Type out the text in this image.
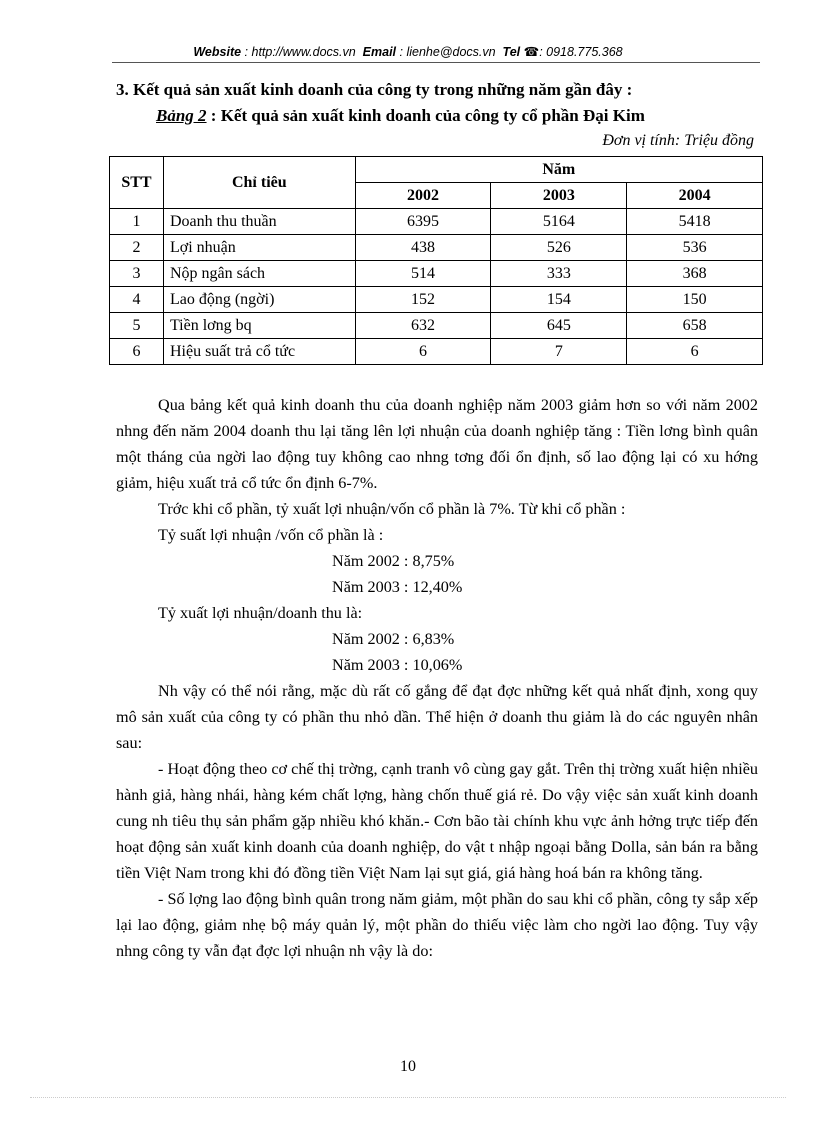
Website : http://www.docs.vn Email : lienhe@docs.vn Tel ☎: 0918.775.368
3. Kết quả sản xuất kinh doanh của công ty trong những năm gần đây :
Bảng 2 : Kết quả sản xuất kinh doanh của công ty cổ phần Đại Kim
Đơn vị tính: Triệu đồng
STT	Chỉ tiêu	Năm		
		2002	2003	2004
1	Doanh thu thuần	6395	5164	5418
2	Lợi nhuận	438	526	536
3	Nộp ngân sách	514	333	368
4	Lao động (ngời)	152	154	150
5	Tiền lơng bq	632	645	658
6	Hiệu suất trả cổ tức	6	7	6

Qua bảng kết quả kinh doanh thu của doanh nghiệp năm 2003 giảm hơn so với năm 2002 nhng đến năm 2004 doanh thu lại tăng lên lợi nhuận của doanh nghiệp tăng : Tiền lơng bình quân một tháng của ngời lao động tuy không cao nhng tơng đối ổn định, số lao động lại có xu hớng giảm, hiệu xuất trả cổ tức ổn định 6-7%.

Trớc khi cổ phần, tỷ xuất lợi nhuận/vốn cổ phần là 7%. Từ khi cổ phần :

Tỷ suất lợi nhuận /vốn cổ phần là :

Năm 2002 : 8,75%

Năm 2003 : 12,40%

Tỷ xuất lợi nhuận/doanh thu là:

Năm 2002 : 6,83%

Năm 2003 : 10,06%

Nh vậy có thể nói rằng, mặc dù rất cố gắng để đạt đợc những kết quả nhất định, xong quy mô sản xuất của công ty có phần thu nhỏ dần. Thể hiện ở doanh thu giảm là do các nguyên nhân sau:

- Hoạt động theo cơ chế thị trờng, cạnh tranh vô cùng gay gắt. Trên thị trờng xuất hiện nhiều hành giả, hàng nhái, hàng kém chất lợng, hàng chốn thuế giá rẻ. Do vậy việc sản xuất kinh doanh cung nh tiêu thụ sản phẩm gặp nhiều khó khăn.- Cơn bão tài chính khu vực ảnh hởng trực tiếp đến hoạt động sản xuất kinh doanh của doanh nghiệp, do vật t nhập ngoại bằng Dolla, sản bán ra bằng tiền Việt Nam trong khi đó đồng tiền Việt Nam lại sụt giá, giá hàng hoá bán ra không tăng.

- Số lợng lao động bình quân trong năm giảm, một phần do sau khi cổ phần, công ty sắp xếp lại lao động, giảm nhẹ bộ máy quản lý, một phần do thiếu việc làm cho ngời lao động. Tuy vậy nhng công ty vẫn đạt đợc lợi nhuận nh vậy là do:

10
